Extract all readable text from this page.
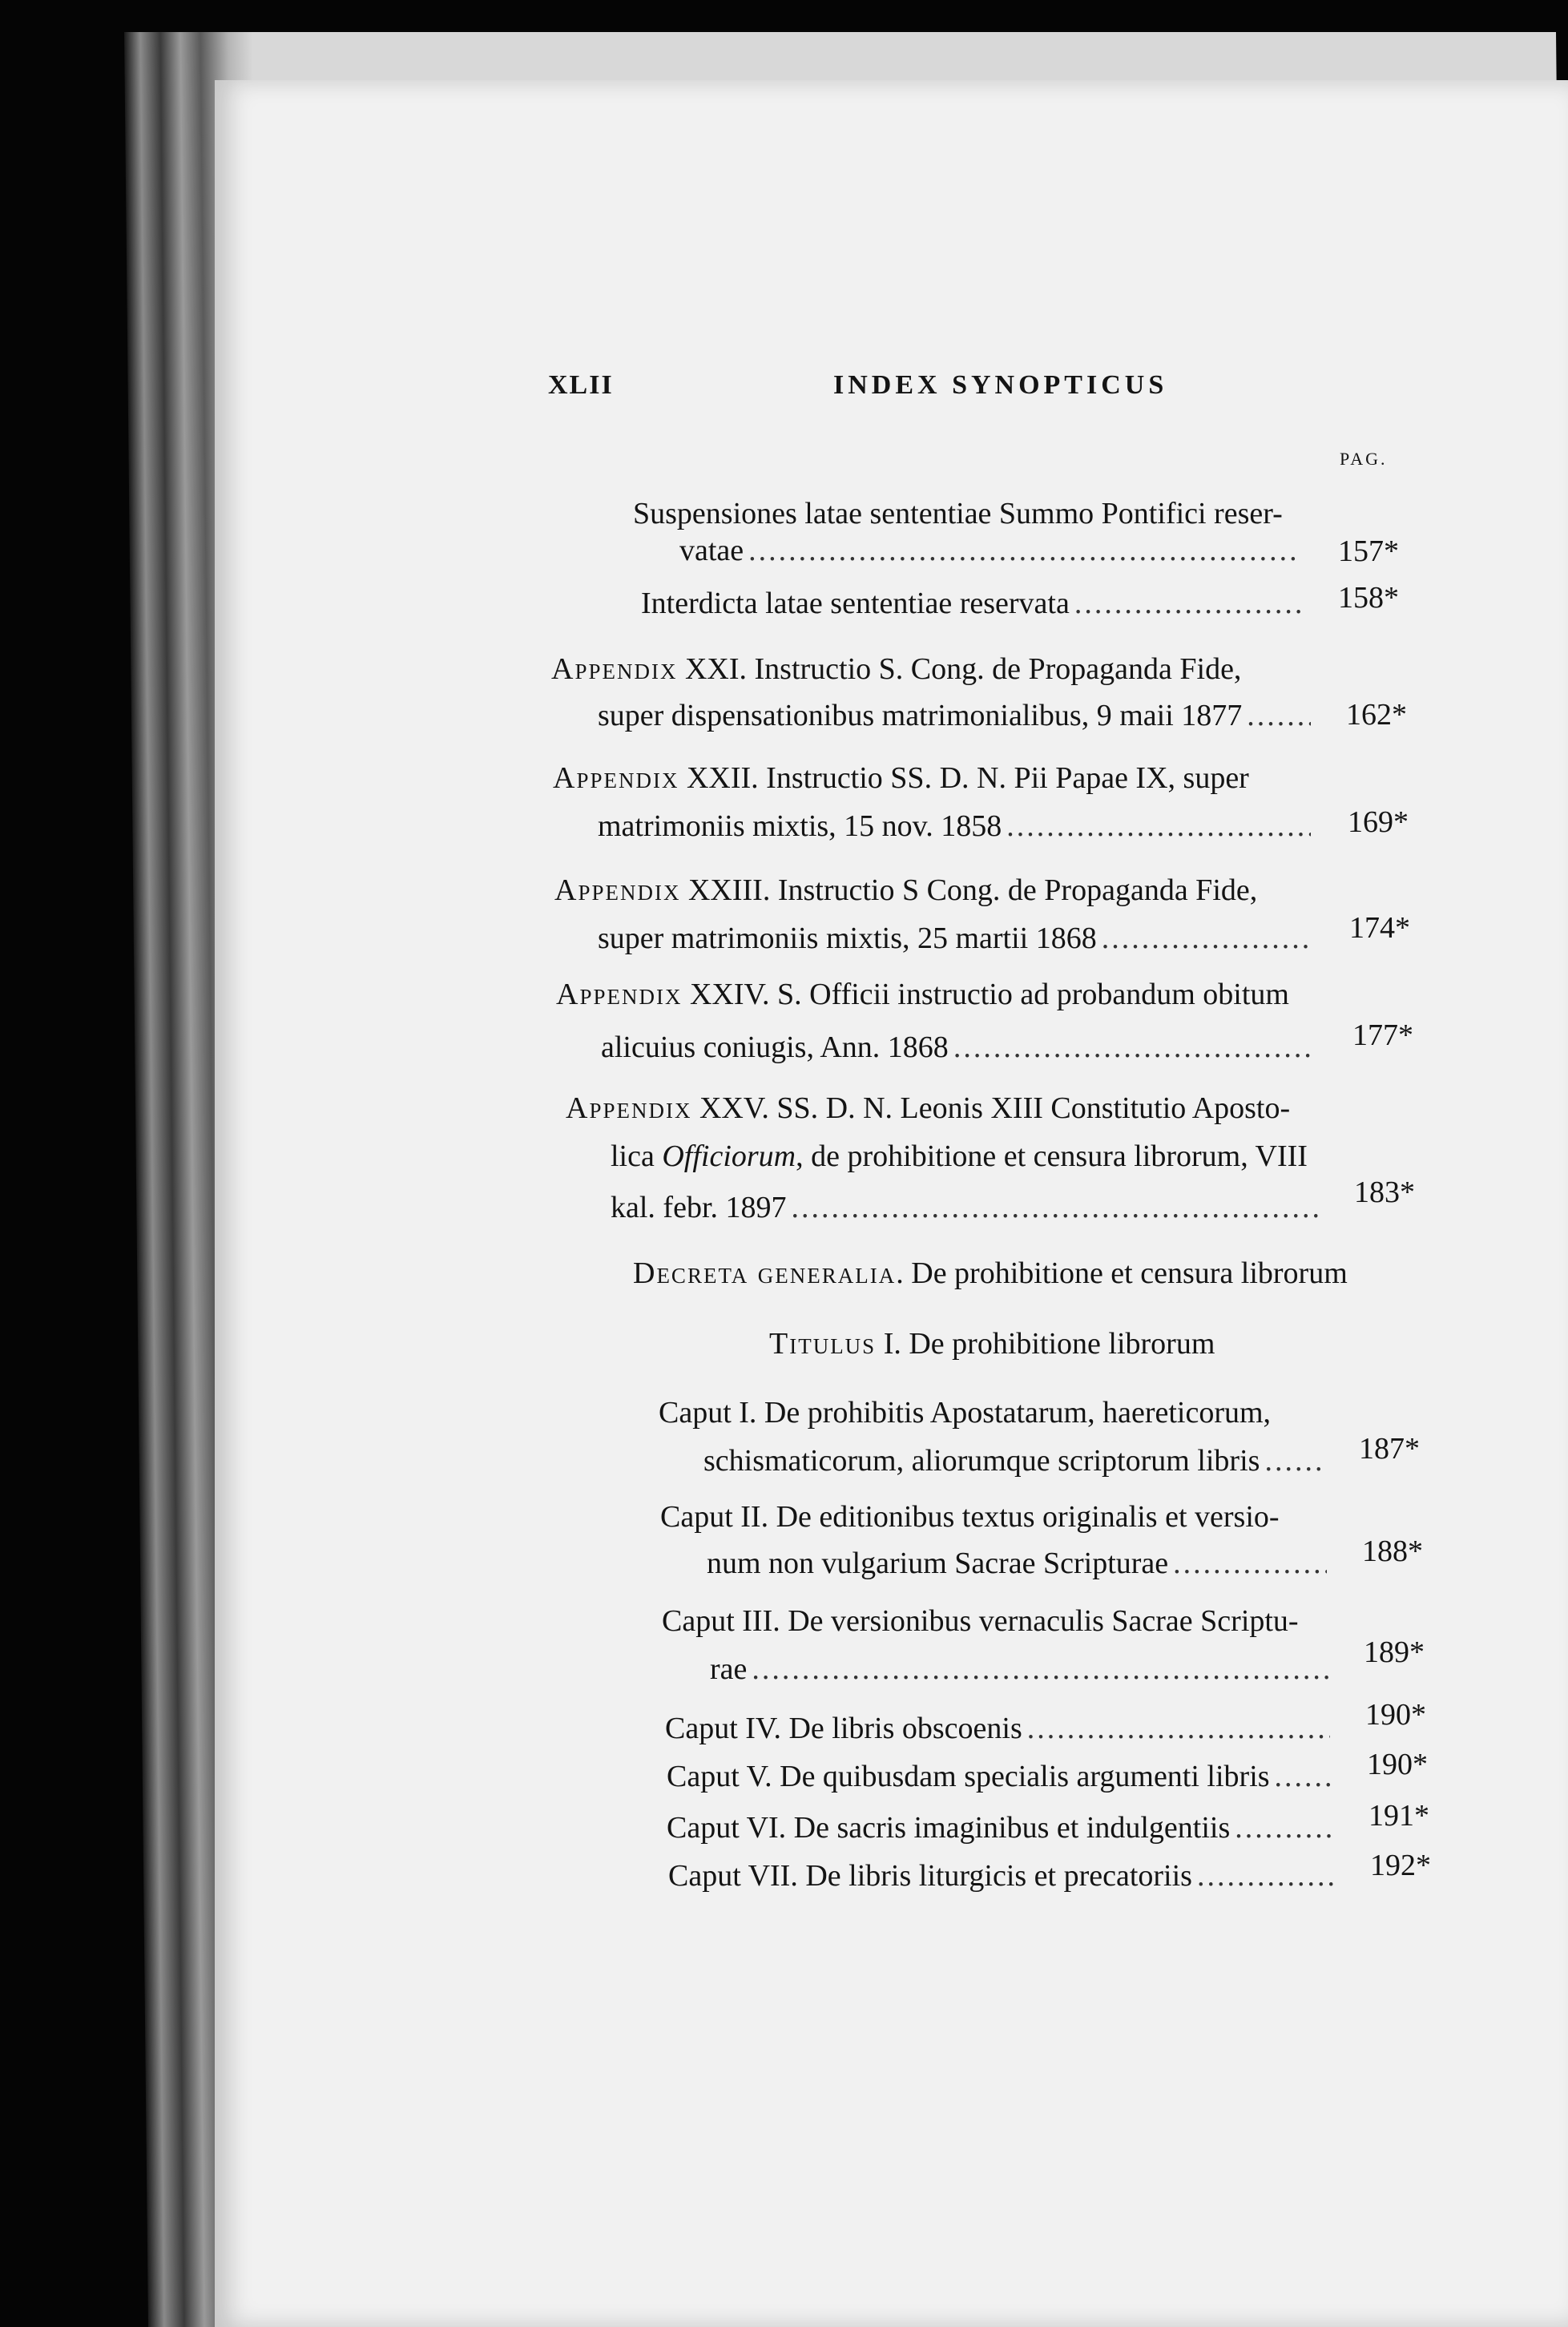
XLII	INDEX SYNOPTICUS
PAG.
Suspensiones latae sententiae Summo Pontifici reser-
vatae .....	157*
Interdicta latae sententiae reservata .....	158*
Appendix XXI. Instructio S. Cong. de Propaganda Fide,
super dispensationibus matrimonialibus, 9 maii 1877 .....	162*
Appendix XXII. Instructio SS. D. N. Pii Papae IX, super
matrimoniis mixtis, 15 nov. 1858 .....	169*
Appendix XXIII. Instructio S Cong. de Propaganda Fide,
super matrimoniis mixtis, 25 martii 1868 .....	174*
Appendix XXIV. S. Officii instructio ad probandum obitum
alicuius coniugis, Ann. 1868 .....	177*
Appendix XXV. SS. D. N. Leonis XIII Constitutio Aposto-
lica Officiorum, de prohibitione et censura librorum, VIII
kal. febr. 1897 .....	183*
Decreta generalia. De prohibitione et censura librorum
Titulus I. De prohibitione librorum
Caput I. De prohibitis Apostatarum, haereticorum,
schismaticorum, aliorumque scriptorum libris .....	187*
Caput II. De editionibus textus originalis et versio-
num non vulgarium Sacrae Scripturae .....	188*
Caput III. De versionibus vernaculis Sacrae Scriptu-
rae .....	189*
Caput IV. De libris obscoenis .....	190*
Caput V. De quibusdam specialis argumenti libris .....	190*
Caput VI. De sacris imaginibus et indulgentiis .....	191*
Caput VII. De libris liturgicis et precatoriis .....	192*
